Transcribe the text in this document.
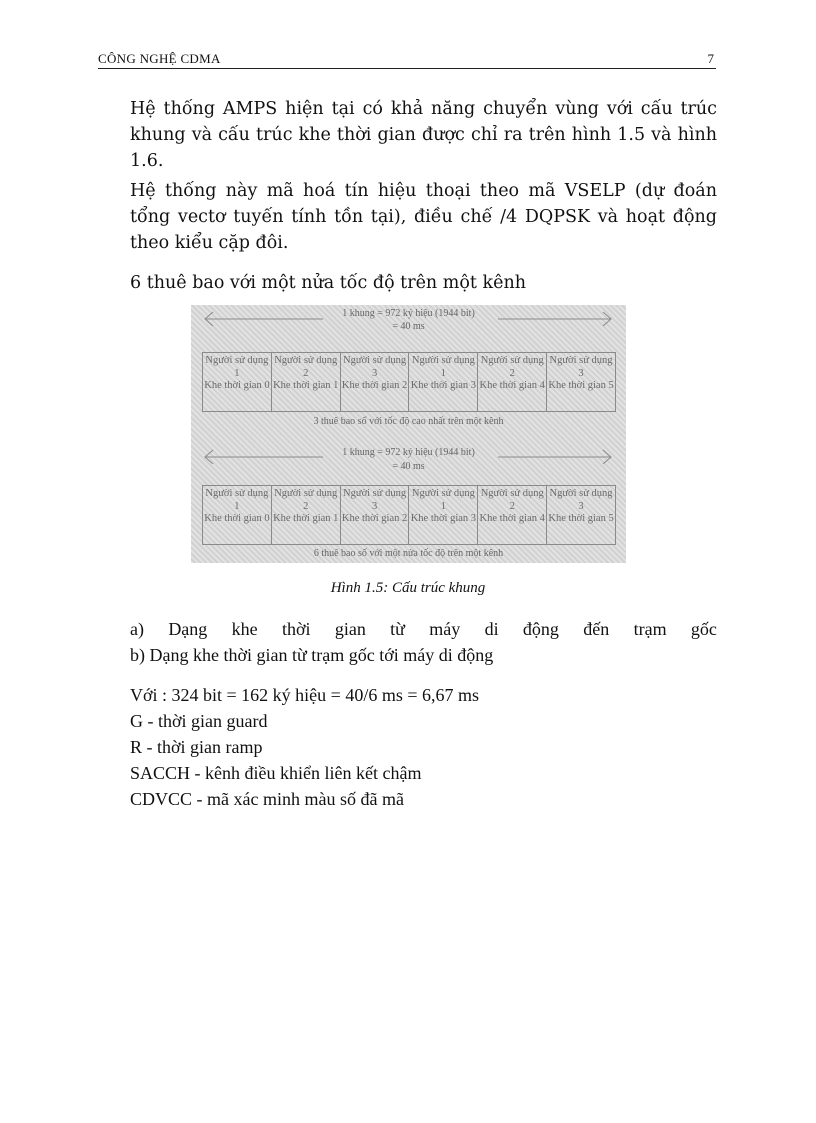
CÔNG NGHỆ CDMA	7

Hệ thống AMPS hiện tại có khả năng chuyển vùng với cấu trúc khung và cấu trúc khe thời gian được chỉ ra trên hình 1.5 và hình 1.6.

Hệ thống này mã hoá tín hiệu thoại theo mã VSELP (dự đoán tổng vectơ tuyến tính tồn tại), điều chế /4 DQPSK và hoạt động theo kiểu cặp đôi.

6 thuê bao với một nửa tốc độ trên một kênh

1 khung = 972 ký hiệu (1944 bit)
= 40 ms
Người sử dụng 1
Khe thời gian 0
Người sử dụng 2
Khe thời gian 1
Người sử dụng 3
Khe thời gian 2
Người sử dụng 1
Khe thời gian 3
Người sử dụng 2
Khe thời gian 4
Người sử dụng 3
Khe thời gian 5
3 thuê bao số với tốc độ cao nhất trên một kênh
1 khung = 972 ký hiệu (1944 bit)
= 40 ms
Người sử dụng 1
Khe thời gian 0
Người sử dụng 2
Khe thời gian 1
Người sử dụng 3
Khe thời gian 2
Người sử dụng 1
Khe thời gian 3
Người sử dụng 2
Khe thời gian 4
Người sử dụng 3
Khe thời gian 5
6 thuê bao số với một nửa tốc độ trên một kênh
Hình 1.5: Cấu trúc khung
a) Dạng khe thời gian từ máy di động đến trạm gốc

b) Dạng khe thời gian từ trạm gốc tới máy di động

Với : 324 bit = 162 ký hiệu = 40/6 ms = 6,67 ms

G - thời gian guard

R - thời gian ramp

SACCH - kênh điều khiển liên kết chậm

CDVCC - mã xác minh màu số đã mã
